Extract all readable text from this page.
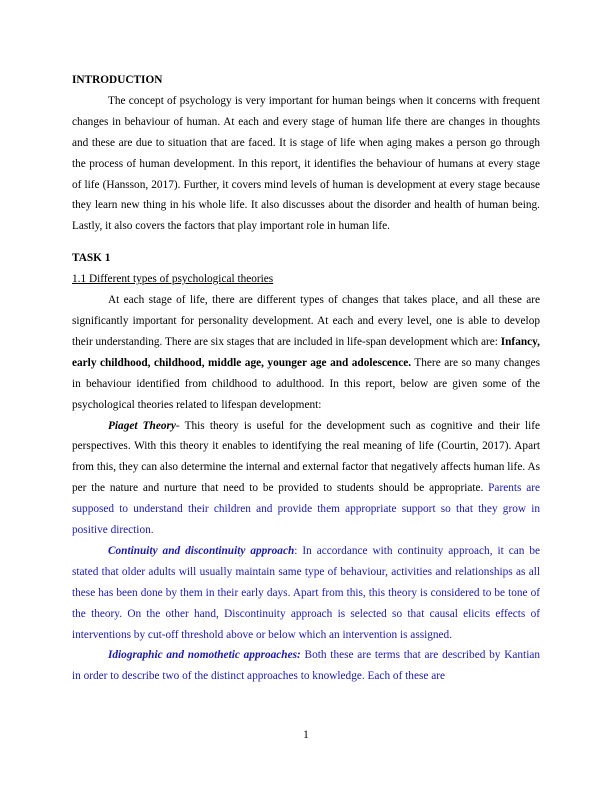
INTRODUCTION

The concept of psychology is very important for human beings when it concerns with frequent changes in behaviour of human. At each and every stage of human life there are changes in thoughts and these are due to situation that are faced. It is stage of life when aging makes a person go through the process of human development. In this report, it identifies the behaviour of humans at every stage of life (Hansson, 2017). Further, it covers mind levels of human is development at every stage because they learn new thing in his whole life. It also discusses about the disorder and health of human being. Lastly, it also covers the factors that play important role in human life.

TASK 1

1.1 Different types of psychological theories

At each stage of life, there are different types of changes that takes place, and all these are significantly important for personality development. At each and every level, one is able to develop their understanding. There are six stages that are included in life-span development which are: Infancy, early childhood, childhood, middle age, younger age and adolescence. There are so many changes in behaviour identified from childhood to adulthood. In this report, below are given some of the psychological theories related to lifespan development:

Piaget Theory- This theory is useful for the development such as cognitive and their life perspectives. With this theory it enables to identifying the real meaning of life (Courtin, 2017). Apart from this, they can also determine the internal and external factor that negatively affects human life. As per the nature and nurture that need to be provided to students should be appropriate. Parents are supposed to understand their children and provide them appropriate support so that they grow in positive direction.

Continuity and discontinuity approach: In accordance with continuity approach, it can be stated that older adults will usually maintain same type of behaviour, activities and relationships as all these has been done by them in their early days. Apart from this, this theory is considered to be tone of the theory. On the other hand, Discontinuity approach is selected so that causal elicits effects of interventions by cut-off threshold above or below which an intervention is assigned.

Idiographic and nomothetic approaches: Both these are terms that are described by Kantian in order to describe two of the distinct approaches to knowledge. Each of these are

1
